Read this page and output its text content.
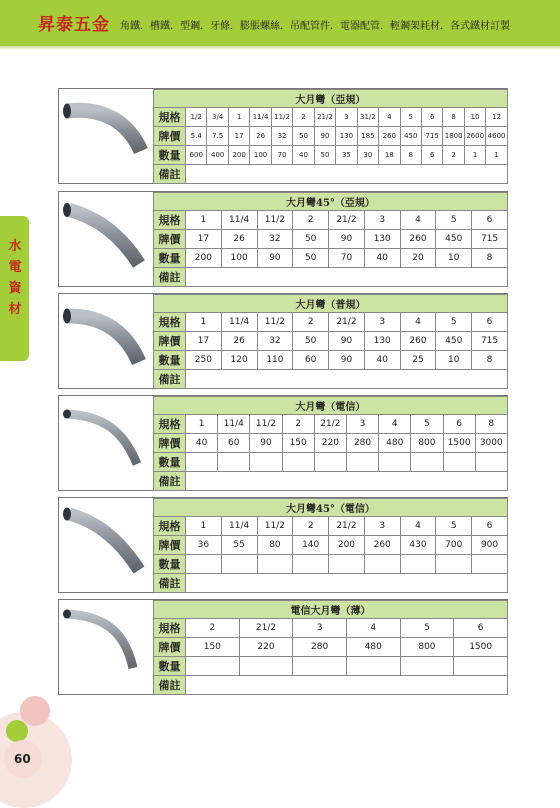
昇泰五金 角鐵．槽鐵．型鋼．牙條．膨脹螺絲．吊配管件．電器配管．輕鋼架耗材．各式鐵材訂製
水電資材
60
大月彎（亞規）															
規格	1/2	3/4	1	11/4	11/2	2	21/2	3	31/2	4	5	6	8	10	12
牌價	5.4	7.5	17	26	32	50	90	130	185	260	450	715	1800	2600	4600
數量	600	400	200	100	70	40	50	35	30	18	8	6	2	1	1
備註															
大月彎45°（亞規）									
規格	1	11/4	11/2	2	21/2	3	4	5	6
牌價	17	26	32	50	90	130	260	450	715
數量	200	100	90	50	70	40	20	10	8
備註									
大月彎（普規）									
規格	1	11/4	11/2	2	21/2	3	4	5	6
牌價	17	26	32	50	90	130	260	450	715
數量	250	120	110	60	90	40	25	10	8
備註									
大月彎（電信）										
規格	1	11/4	11/2	2	21/2	3	4	5	6	8
牌價	40	60	90	150	220	280	480	800	1500	3000
數量										
備註										
大月彎45°（電信）									
規格	1	11/4	11/2	2	21/2	3	4	5	6
牌價	36	55	80	140	200	260	430	700	900
數量									
備註									
電信大月彎（薄）						
規格	2	21/2	3	4	5	6
牌價	150	220	280	480	800	1500
數量						
備註						
